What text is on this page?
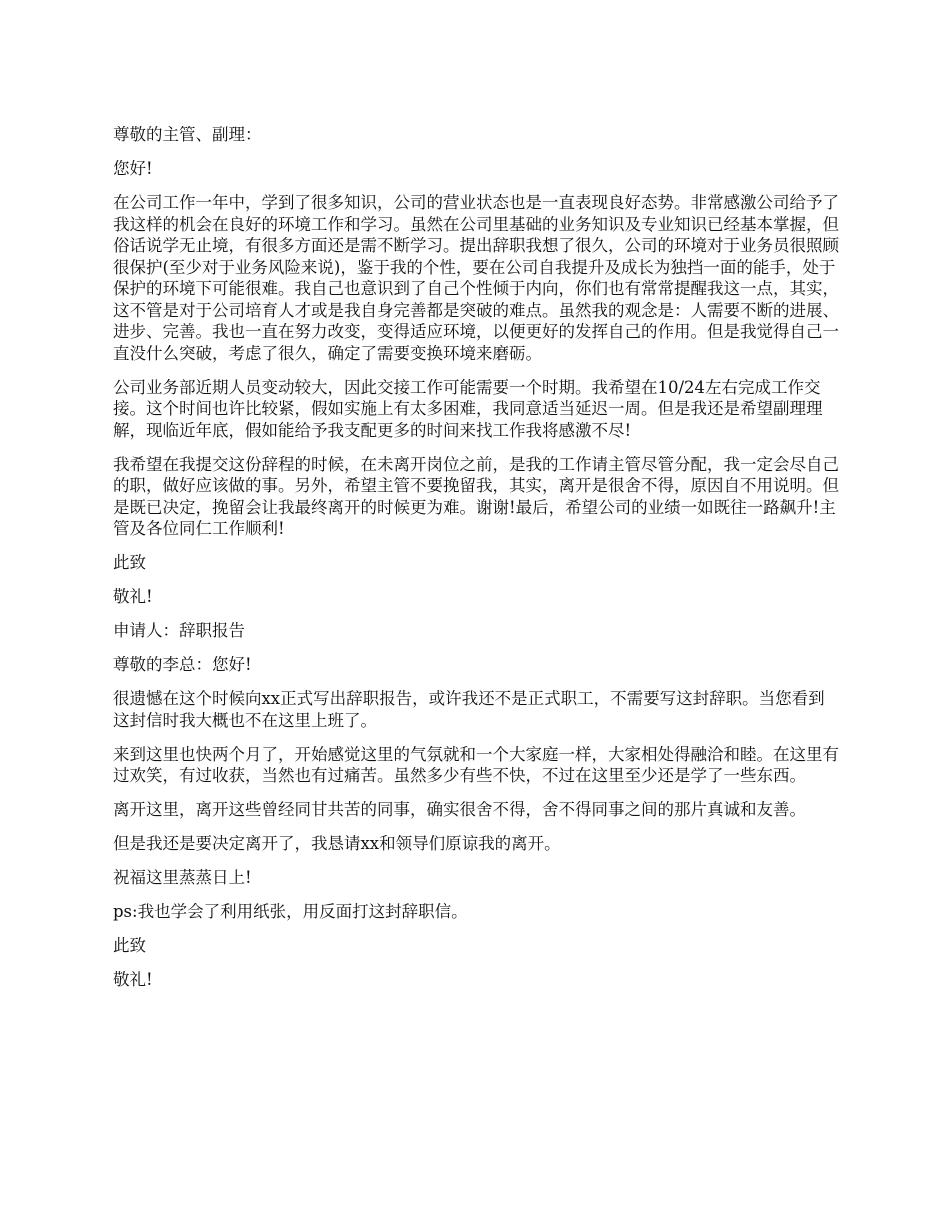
尊敬的主管、副理：

您好!

在公司工作一年中，学到了很多知识，公司的营业状态也是一直表现良好态势。非常感激公司给予了我这样的机会在良好的环境工作和学习。虽然在公司里基础的业务知识及专业知识已经基本掌握，但俗话说学无止境，有很多方面还是需不断学习。提出辞职我想了很久，公司的环境对于业务员很照顾很保护(至少对于业务风险来说)，鉴于我的个性，要在公司自我提升及成长为独挡一面的能手，处于保护的环境下可能很难。我自己也意识到了自己个性倾于内向，你们也有常常提醒我这一点，其实，这不管是对于公司培育人才或是我自身完善都是突破的难点。虽然我的观念是：人需要不断的进展、进步、完善。我也一直在努力改变，变得适应环境，以便更好的发挥自己的作用。但是我觉得自己一直没什么突破，考虑了很久，确定了需要变换环境来磨砺。

公司业务部近期人员变动较大，因此交接工作可能需要一个时期。我希望在10/24左右完成工作交接。这个时间也许比较紧，假如实施上有太多困难，我同意适当延迟一周。但是我还是希望副理理解，现临近年底，假如能给予我支配更多的时间来找工作我将感激不尽!

我希望在我提交这份辞程的时候，在未离开岗位之前，是我的工作请主管尽管分配，我一定会尽自己的职，做好应该做的事。另外，希望主管不要挽留我，其实，离开是很舍不得，原因自不用说明。但是既已决定，挽留会让我最终离开的时候更为难。谢谢!最后，希望公司的业绩一如既往一路飙升!主管及各位同仁工作顺利!

此致

敬礼!

申请人：辞职报告

尊敬的李总：您好!

很遗憾在这个时候向xx正式写出辞职报告，或许我还不是正式职工，不需要写这封辞职。当您看到这封信时我大概也不在这里上班了。

来到这里也快两个月了，开始感觉这里的气氛就和一个大家庭一样，大家相处得融洽和睦。在这里有过欢笑，有过收获，当然也有过痛苦。虽然多少有些不快，不过在这里至少还是学了一些东西。

离开这里，离开这些曾经同甘共苦的同事，确实很舍不得，舍不得同事之间的那片真诚和友善。

但是我还是要决定离开了，我恳请xx和领导们原谅我的离开。

祝福这里蒸蒸日上!

ps:我也学会了利用纸张，用反面打这封辞职信。

此致

敬礼!
